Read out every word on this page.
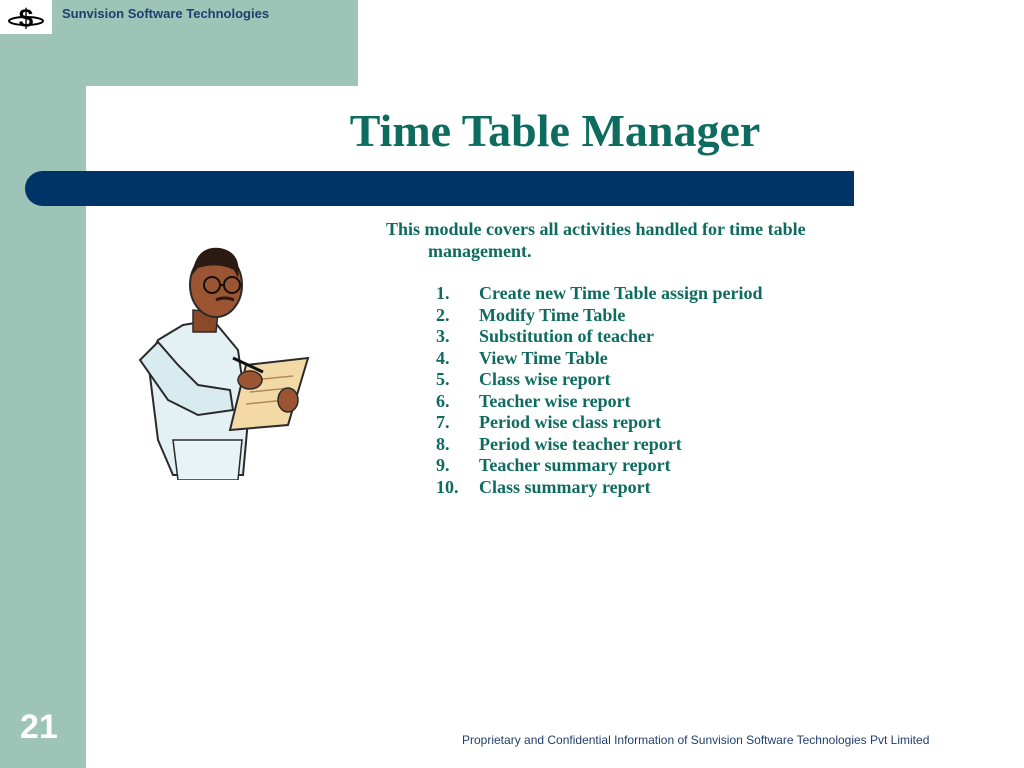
$ Sunvision Software Technologies
Time Table Manager
This module covers all activities handled for time table management.
1.	Create new Time Table assign period
2.	Modify Time Table
3.	Substitution of teacher
4.	View Time Table
5.	Class wise report
6.	Teacher wise report
7.	Period wise class report
8.	Period wise teacher report
9.	Teacher summary report
10.	Class summary report
21	Proprietary and Confidential Information of Sunvision Software Technologies Pvt Limited
